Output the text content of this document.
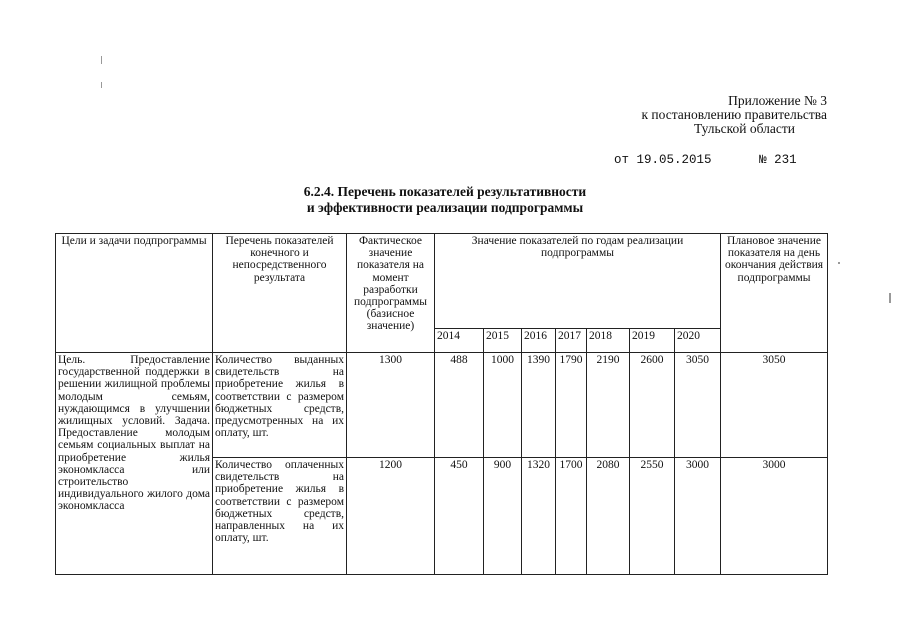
Приложение № 3
к постановлению правительства
Тульской области
от 19.05.2015	№ 231
6.2.4. Перечень показателей результативности
и эффективности реализации подпрограммы
Цели и задачи подпрограммы	Перечень показателей конечного и непосредственного результата	Фактическое значение показателя на момент разработки подпрограммы (базисное значение)	Значение показателей по годам реализации подпрограммы							Плановое значение показателя на день окончания действия подпрограммы
			2014	2015	2016	2017	2018	2019	2020	
Цель. Предоставление государственной поддержки в решении жилищной проблемы молодым семьям, нуждающимся в улучшении жилищных условий. Задача. Предоставление молодым семьям социальных выплат на приобретение жилья экономкласса или строительство индивидуального жилого дома экономкласса	Количество выданных свидетельств на приобретение жилья в соответствии с размером бюджетных средств, предусмотренных на их оплату, шт.	1300	488	1000	1390	1790	2190	2600	3050	3050
	Количество оплаченных свидетельств на приобретение жилья в соответствии с размером бюджетных средств, направленных на их оплату, шт.	1200	450	900	1320	1700	2080	2550	3000	3000
